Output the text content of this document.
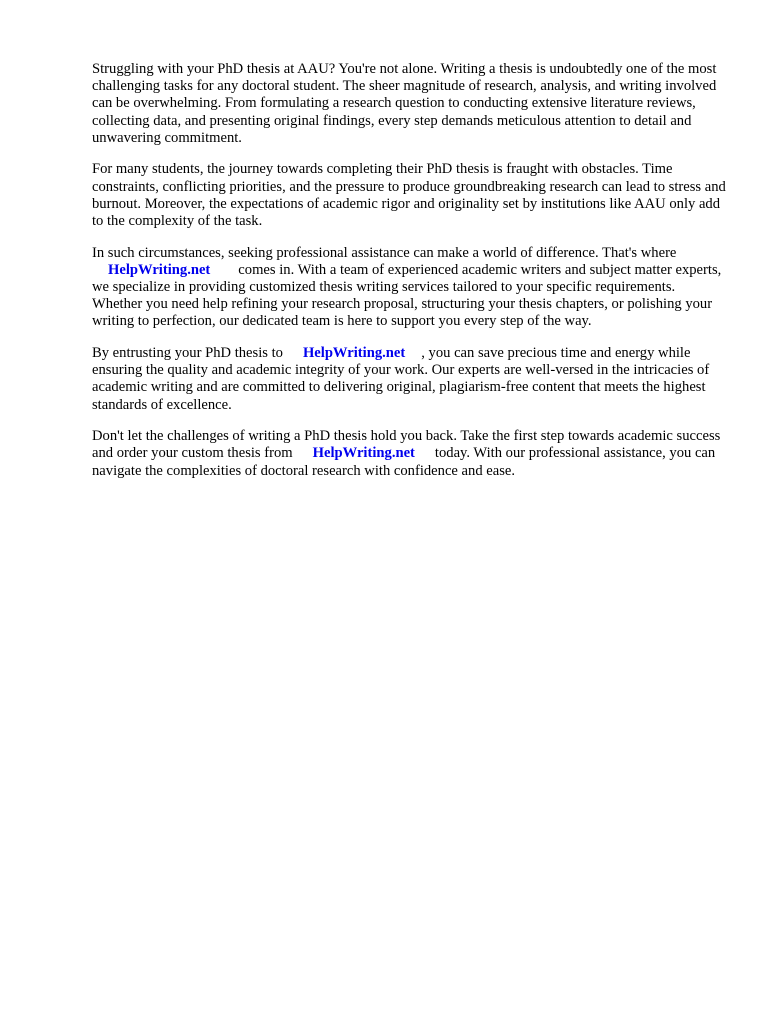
Struggling with your PhD thesis at AAU? You're not alone. Writing a thesis is undoubtedly one of the most challenging tasks for any doctoral student. The sheer magnitude of research, analysis, and writing involved can be overwhelming. From formulating a research question to conducting extensive literature reviews, collecting data, and presenting original findings, every step demands meticulous attention to detail and unwavering commitment.

For many students, the journey towards completing their PhD thesis is fraught with obstacles. Time constraints, conflicting priorities, and the pressure to produce groundbreaking research can lead to stress and burnout. Moreover, the expectations of academic rigor and originality set by institutions like AAU only add to the complexity of the task.

In such circumstances, seeking professional assistance can make a world of difference. That's where
HelpWriting.net comes in. With a team of experienced academic writers and subject matter experts, we specialize in providing customized thesis writing services tailored to your specific requirements. Whether you need help refining your research proposal, structuring your thesis chapters, or polishing your writing to perfection, our dedicated team is here to support you every step of the way.

By entrusting your PhD thesis to HelpWriting.net , you can save precious time and energy while ensuring the quality and academic integrity of your work. Our experts are well-versed in the intricacies of academic writing and are committed to delivering original, plagiarism-free content that meets the highest standards of excellence.

Don't let the challenges of writing a PhD thesis hold you back. Take the first step towards academic success and order your custom thesis from HelpWriting.net today. With our professional assistance, you can navigate the complexities of doctoral research with confidence and ease.
